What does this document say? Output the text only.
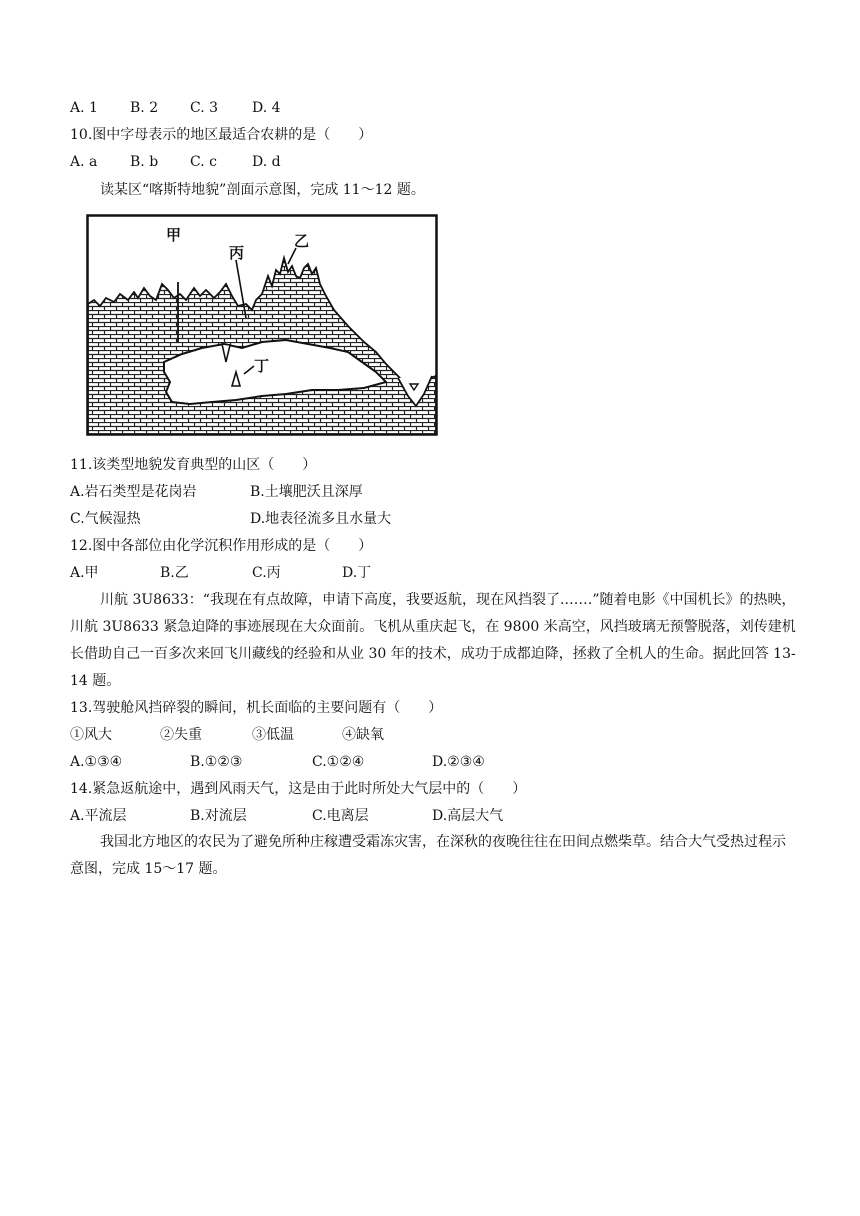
A. 1	B. 2	C. 3	D. 4
10.图中字母表示的地区最适合农耕的是（　　）
A. a	B. b	C. c	D. d
读某区“喀斯特地貌”剖面示意图，完成 11～12 题。
甲
丙
乙
丁
11.该类型地貌发育典型的山区（　　）
A.岩石类型是花岗岩	B.土壤肥沃且深厚
C.气候湿热	D.地表径流多且水量大
12.图中各部位由化学沉积作用形成的是（　　）
A.甲	B.乙	C.丙	D.丁
川航 3U8633：“我现在有点故障，申请下高度，我要返航，现在风挡裂了.……”随着电影《中国机长》的热映，川航 3U8633 紧急迫降的事迹展现在大众面前。飞机从重庆起飞，在 9800 米高空，风挡玻璃无预警脱落，刘传建机长借助自己一百多次来回飞川藏线的经验和从业 30 年的技术，成功于成都迫降，拯救了全机人的生命。据此回答 13-14 题。
13.驾驶舱风挡碎裂的瞬间，机长面临的主要问题有（　　）
①风大	②失重	③低温	④缺氧
A.①③④	B.①②③	C.①②④	D.②③④
14.紧急返航途中，遇到风雨天气，这是由于此时所处大气层中的（　　）
A.平流层	B.对流层	C.电离层	D.高层大气
我国北方地区的农民为了避免所种庄稼遭受霜冻灾害，在深秋的夜晚往往在田间点燃柴草。结合大气受热过程示意图，完成 15～17 题。
